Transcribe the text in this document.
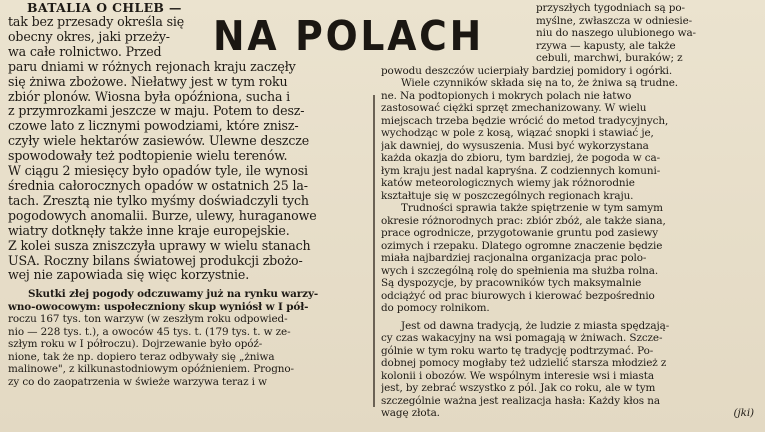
BATALIA O CHLEB —
NA POLACH
tak bez przesady określa się
obecny okres, jaki przeży-
wa całe rolnictwo. Przed
paru dniami w różnych rejonach kraju zaczęły
się żniwa zbożowe. Niełatwy jest w tym roku
zbiór plonów. Wiosna była opóźniona, sucha i
z przymrozkami jeszcze w maju. Potem to desz-
czowe lato z licznymi powodziami, które znisz-
czyły wiele hektarów zasiewów. Ulewne deszcze
spowodowały też podtopienie wielu terenów.
W ciągu 2 miesięcy było opadów tyle, ile wynosi
średnia całorocznych opadów w ostatnich 25 la-
tach. Zresztą nie tylko myśmy doświadczyli tych
pogodowych anomalii. Burze, ulewy, huraganowe
wiatry dotknęły także inne kraje europejskie.
Z kolei susza zniszczyła uprawy w wielu stanach
USA. Roczny bilans światowej produkcji zbożo-
wej nie zapowiada się więc korzystnie.
Skutki złej pogody odczuwamy już na rynku warzy-
wno-owocowym: uspołeczniony skup wyniósł w I pół-
roczu 167 tys. ton warzyw (w zeszłym roku odpowied-
nio — 228 tys. t.), a owoców 45 tys. t. (179 tys. t. w ze-
szłym roku w I półroczu). Dojrzewanie było opóź-
nione, tak że np. dopiero teraz odbywały się „żniwa
malinowe", z kilkunastodniowym opóźnieniem. Progno-
zy co do zaopatrzenia w świeże warzywa teraz i w
przyszłych tygodniach są po-
myślne, zwłaszcza w odniesie-
niu do naszego ulubionego wa-
rzywa — kapusty, ale także
cebuli, marchwi, buraków; z
powodu deszczów ucierpiały bardziej pomidory i ogórki.
Wiele czynników składa się na to, że żniwa są trudne.
ne. Na podtopionych i mokrych polach nie łatwo
zastosować ciężki sprzęt zmechanizowany. W wielu
miejscach trzeba będzie wrócić do metod tradycyjnych,
wychodząc w pole z kosą, wiązać snopki i stawiać je,
jak dawniej, do wysuszenia. Musi być wykorzystana
każda okazja do zbioru, tym bardziej, że pogoda w ca-
łym kraju jest nadal kapryśna. Z codziennych komuni-
katów meteorologicznych wiemy jak różnorodnie
kształtuje się w poszczególnych regionach kraju.
Trudności sprawia także spiętrzenie w tym samym
okresie różnorodnych prac: zbiór zbóż, ale także siana,
prace ogrodnicze, przygotowanie gruntu pod zasiewy
ozimych i rzepaku. Dlatego ogromne znaczenie będzie
miała najbardziej racjonalna organizacja prac polo-
wych i szczególną rolę do spełnienia ma służba rolna.
Są dyspozycje, by pracowników tych maksymalnie
odciążyć od prac biurowych i kierować bezpośrednio
do pomocy rolnikom.
Jest od dawna tradycją, że ludzie z miasta spędzają-
cy czas wakacyjny na wsi pomagają w żniwach. Szcze-
gólnie w tym roku warto tę tradycję podtrzymać. Po-
dobnej pomocy mogłaby też udzielić starsza młodzież z
kolonii i obozów. We wspólnym interesie wsi i miasta
jest, by zebrać wszystko z pól. Jak co roku, ale w tym
szczególnie ważna jest realizacja hasła: Każdy kłos na
wagę złota.	(jki)
